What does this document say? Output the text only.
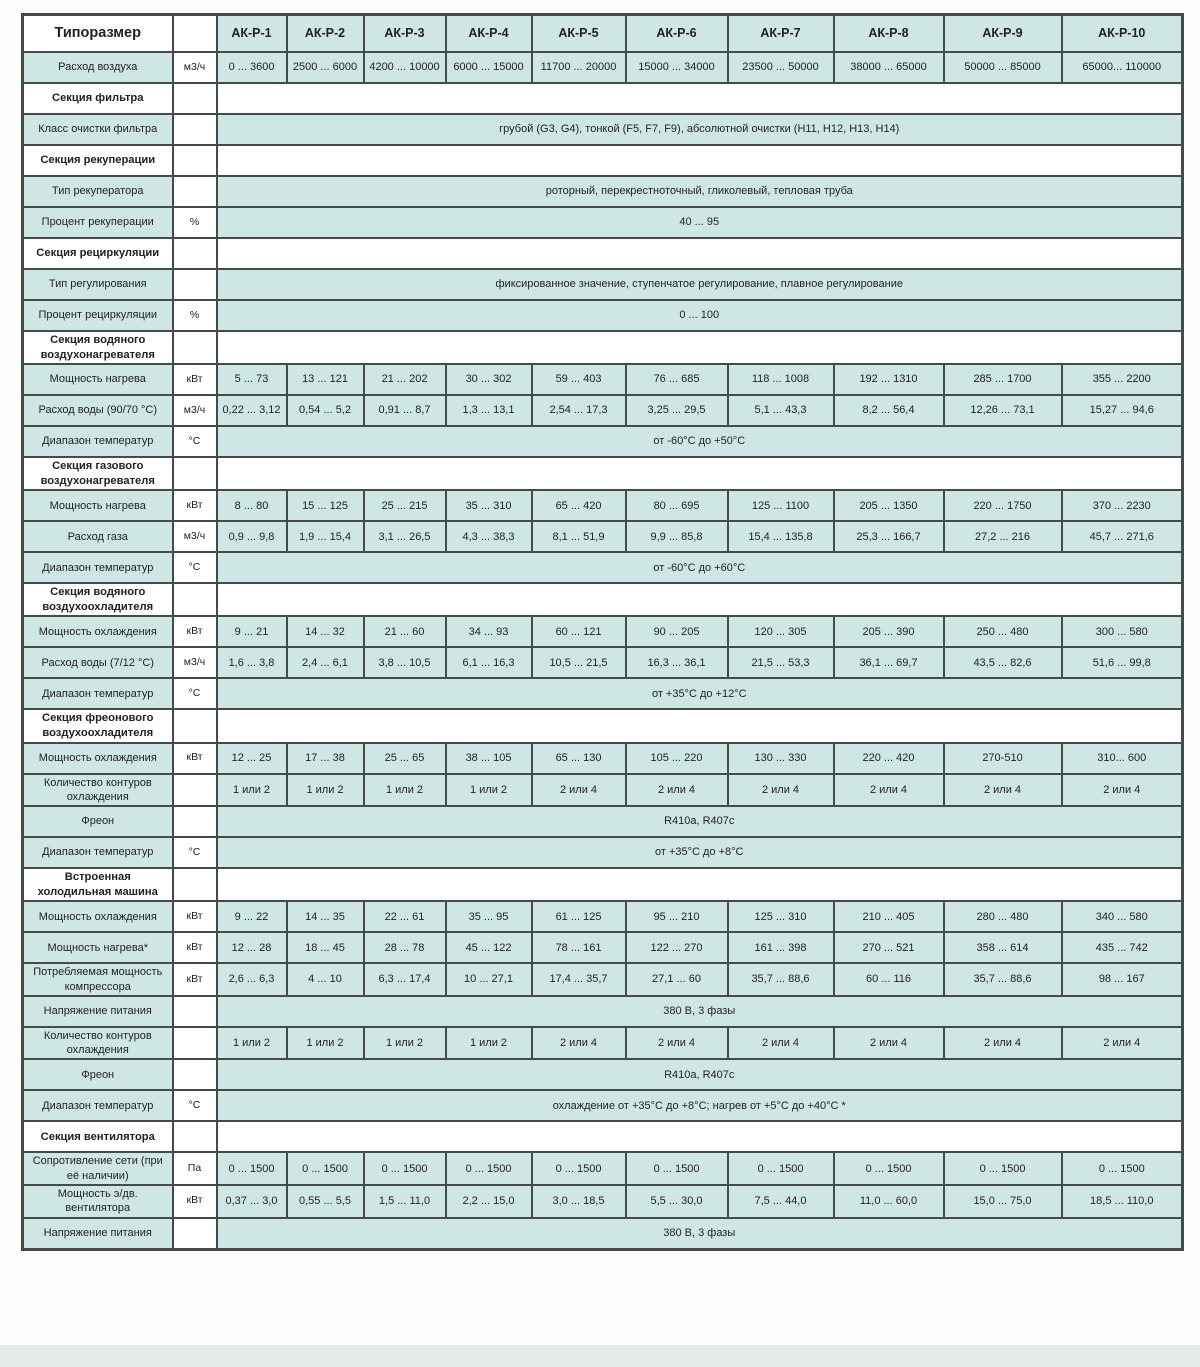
Типоразмер		АК-Р-1	АК-Р-2	АК-Р-3	АК-Р-4	АК-Р-5	АК-Р-6	АК-Р-7	АК-Р-8	АК-Р-9	АК-Р-10
Расход воздуха	м3/ч	0 ... 3600	2500 ... 6000	4200 ... 10000	6000 ... 15000	11700 ... 20000	15000 ... 34000	23500 ... 50000	38000 ... 65000	50000 ... 85000	65000... 110000
Секция фильтра											
Класс очистки фильтра		грубой (G3, G4), тонкой (F5, F7, F9), абсолютной очистки (H11, H12, H13, H14)									
Секция рекуперации											
Тип рекуператора		роторный, перекрестноточный, гликолевый, тепловая труба									
Процент рекуперации	%	40 ... 95									
Секция рециркуляции											
Тип регулирования		фиксированное значение, ступенчатое регулирование, плавное регулирование									
Процент рециркуляции	%	0 ... 100									
Секция водяного воздухонагревателя											
Мощность нагрева	кВт	5 ... 73	13 ... 121	21 ... 202	30 ... 302	59 ... 403	76 ... 685	118 ... 1008	192 ... 1310	285 ... 1700	355 ... 2200
Расход воды (90/70 °С)	м3/ч	0,22 ... 3,12	0,54 ... 5,2	0,91 ... 8,7	1,3 ... 13,1	2,54 ... 17,3	3,25 ... 29,5	5,1 ... 43,3	8,2 ... 56,4	12,26 ... 73,1	15,27 ... 94,6
Диапазон температур	°С	от -60°С до +50°С									
Секция газового воздухонагревателя											
Мощность нагрева	кВт	8 ... 80	15 ... 125	25 ... 215	35 ... 310	65 ... 420	80 ... 695	125 ... 1100	205 ... 1350	220 ... 1750	370 ... 2230
Расход газа	м3/ч	0,9 ... 9,8	1,9 ... 15,4	3,1 ... 26,5	4,3 ... 38,3	8,1 ... 51,9	9,9 ... 85,8	15,4 ... 135,8	25,3 ... 166,7	27,2 ... 216	45,7 ... 271,6
Диапазон температур	°С	от -60°С до +60°С									
Секция водяного воздухоохладителя											
Мощность охлаждения	кВт	9 ... 21	14 ... 32	21 ... 60	34 ... 93	60 ... 121	90 ... 205	120 ... 305	205 ... 390	250 ... 480	300 ... 580
Расход воды (7/12 °С)	м3/ч	1,6 ... 3,8	2,4 ... 6,1	3,8 ... 10,5	6,1 ... 16,3	10,5 ... 21,5	16,3 ... 36,1	21,5 ... 53,3	36,1 ... 69,7	43,5 ... 82,6	51,6 ... 99,8
Диапазон температур	°С	от +35°С до +12°С									
Секция фреонового воздухоохладителя											
Мощность охлаждения	кВт	12 ... 25	17 ... 38	25 ... 65	38 ... 105	65 ... 130	105 ... 220	130 ... 330	220 ... 420	270-510	310... 600
Количество контуров охлаждения		1 или 2	1 или 2	1 или 2	1 или 2	2 или 4	2 или 4	2 или 4	2 или 4	2 или 4	2 или 4
Фреон		R410a, R407c									
Диапазон температур	°С	от +35°С до +8°С									
Встроенная холодильная машина											
Мощность охлаждения	кВт	9 ... 22	14 ... 35	22 ... 61	35 ... 95	61 ... 125	95 ... 210	125 ... 310	210 ... 405	280 ... 480	340 ... 580
Мощность нагрева*	кВт	12 ... 28	18 ... 45	28 ... 78	45 ... 122	78 ... 161	122 ... 270	161 ... 398	270 ... 521	358 ... 614	435 ... 742
Потребляемая мощность компрессора	кВт	2,6 ... 6,3	4 ... 10	6,3 ... 17,4	10 ... 27,1	17,4 ... 35,7	27,1 ... 60	35,7 ... 88,6	60 ... 116	35,7 ... 88,6	98 ... 167
Напряжение питания		380 В, 3 фазы									
Количество контуров охлаждения		1 или 2	1 или 2	1 или 2	1 или 2	2 или 4	2 или 4	2 или 4	2 или 4	2 или 4	2 или 4
Фреон		R410a, R407c									
Диапазон температур	°С	охлаждение от +35°С до +8°С; нагрев от +5°С до +40°С *									
Секция вентилятора											
Сопротивление сети (при её наличии)	Па	0 ... 1500	0 ... 1500	0 ... 1500	0 ... 1500	0 ... 1500	0 ... 1500	0 ... 1500	0 ... 1500	0 ... 1500	0 ... 1500
Мощность э/дв. вентилятора	кВт	0,37 ... 3,0	0,55 ... 5,5	1,5 ... 11,0	2,2 ... 15,0	3,0 ... 18,5	5,5 ... 30,0	7,5 ... 44,0	11,0 ... 60,0	15,0 ... 75,0	18,5 ... 110,0
Напряжение питания		380 В, 3 фазы									
